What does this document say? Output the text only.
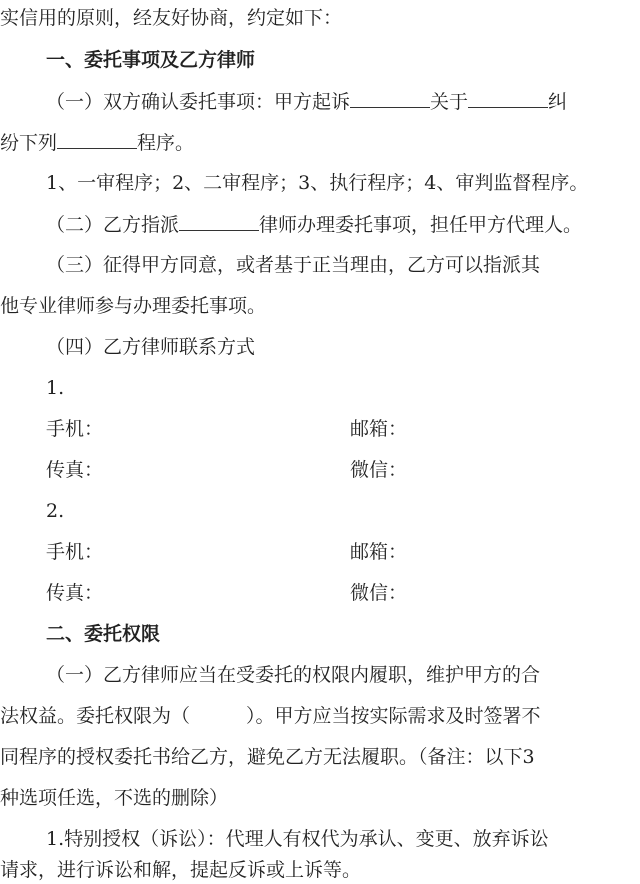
实信用的原则，经友好协商，约定如下：

一、委托事项及乙方律师

（一）双方确认委托事项：甲方起诉	关于	纠

纷下列	程序。

1、一审程序；2、二审程序；3、执行程序；4、审判监督程序。

（二）乙方指派	律师办理委托事项，担任甲方代理人。

（三）征得甲方同意，或者基于正当理由，乙方可以指派其

他专业律师参与办理委托事项。

（四）乙方律师联系方式

1.
手机：	邮箱：
传真：	微信：
2.
手机：	邮箱：
传真：	微信：

二、委托权限

（一）乙方律师应当在受委托的权限内履职，维护甲方的合

法权益。委托权限为（	）。甲方应当按实际需求及时签署不

同程序的授权委托书给乙方，避免乙方无法履职。（备注：以下3

种选项任选，不选的删除）

1.特别授权（诉讼）：代理人有权代为承认、变更、放弃诉讼

请求，进行诉讼和解，提起反诉或上诉等。
